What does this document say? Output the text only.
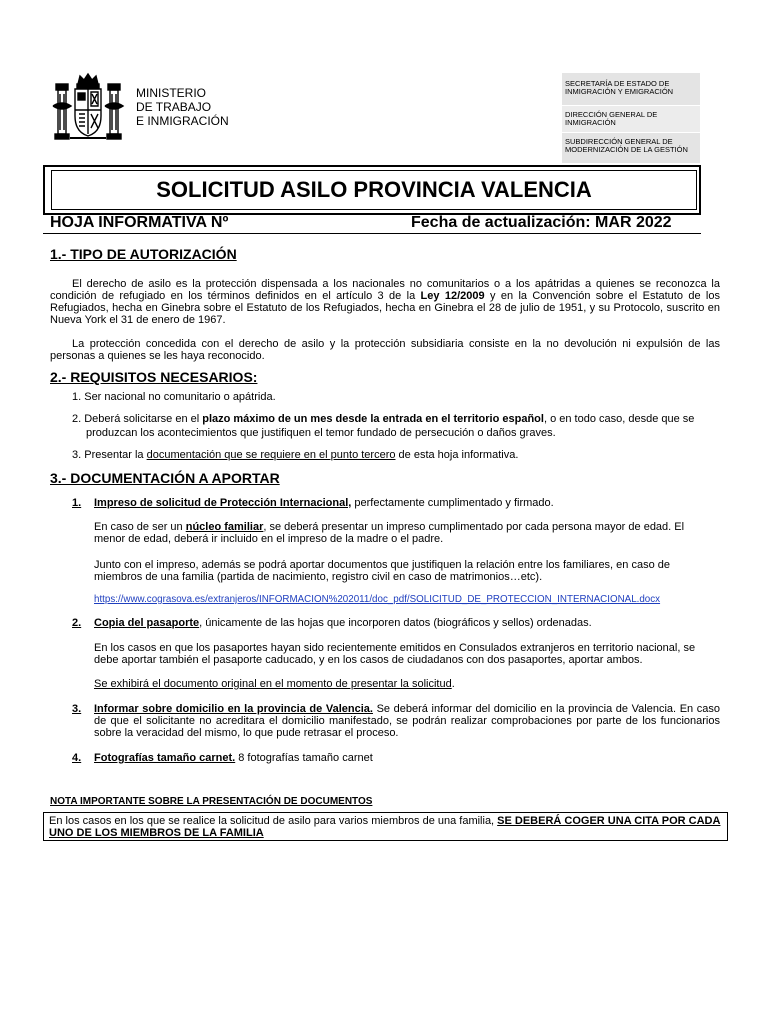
MINISTERIO
DE TRABAJO
E INMIGRACIÓN
SECRETARÍA DE ESTADO DE INMIGRACIÓN Y EMIGRACIÓN
DIRECCIÓN GENERAL DE INMIGRACIÓN
SUBDIRECCIÓN GENERAL DE MODERNIZACIÓN DE LA GESTIÓN
SOLICITUD ASILO PROVINCIA VALENCIA
HOJA INFORMATIVA Nº	Fecha de actualización: MAR 2022
1.- TIPO DE AUTORIZACIÓN
El derecho de asilo es la protección dispensada a los nacionales no comunitarios o a los apátridas a quienes se reconozca la condición de refugiado en los términos definidos en el artículo 3 de la Ley 12/2009 y en la Convención sobre el Estatuto de los Refugiados, hecha en Ginebra sobre el Estatuto de los Refugiados, hecha en Ginebra el 28 de julio de 1951, y su Protocolo, suscrito en Nueva York el 31 de enero de 1967.
La protección concedida con el derecho de asilo y la protección subsidiaria consiste en la no devolución ni expulsión de las personas a quienes se les haya reconocido.
2.- REQUISITOS NECESARIOS:
1. Ser nacional no comunitario o apátrida.
2. Deberá solicitarse en el plazo máximo de un mes desde la entrada en el territorio español, o en todo caso, desde que se
produzcan los acontecimientos que justifiquen el temor fundado de persecución o daños graves.
3. Presentar la documentación que se requiere en el punto tercero de esta hoja informativa.
3.- DOCUMENTACIÓN A APORTAR
1. Impreso de solicitud de Protección Internacional, perfectamente cumplimentado y firmado.
En caso de ser un núcleo familiar, se deberá presentar un impreso cumplimentado por cada persona mayor de edad. El menor de edad, deberá ir incluido en el impreso de la madre o el padre.
Junto con el impreso, además se podrá aportar documentos que justifiquen la relación entre los familiares, en caso de miembros de una familia (partida de nacimiento, registro civil en caso de matrimonios…etc).
https://www.cograsova.es/extranjeros/INFORMACION%202011/doc_pdf/SOLICITUD_DE_PROTECCION_INTERNACIONAL.docx
2. Copia del pasaporte, únicamente de las hojas que incorporen datos (biográficos y sellos) ordenadas.
En los casos en que los pasaportes hayan sido recientemente emitidos en Consulados extranjeros en territorio nacional, se debe aportar también el pasaporte caducado, y en los casos de ciudadanos con dos pasaportes, aportar ambos.
Se exhibirá el documento original en el momento de presentar la solicitud.
3. Informar sobre domicilio en la provincia de Valencia. Se deberá informar del domicilio en la provincia de Valencia. En caso de que el solicitante no acreditara el domicilio manifestado, se podrán realizar comprobaciones por parte de los funcionarios sobre la veracidad del mismo, lo que pude retrasar el proceso.
4. Fotografías tamaño carnet. 8 fotografías tamaño carnet
NOTA IMPORTANTE SOBRE LA PRESENTACIÓN DE DOCUMENTOS
En los casos en los que se realice la solicitud de asilo para varios miembros de una familia, SE DEBERÁ COGER UNA CITA POR CADA UNO DE LOS MIEMBROS DE LA FAMILIA
